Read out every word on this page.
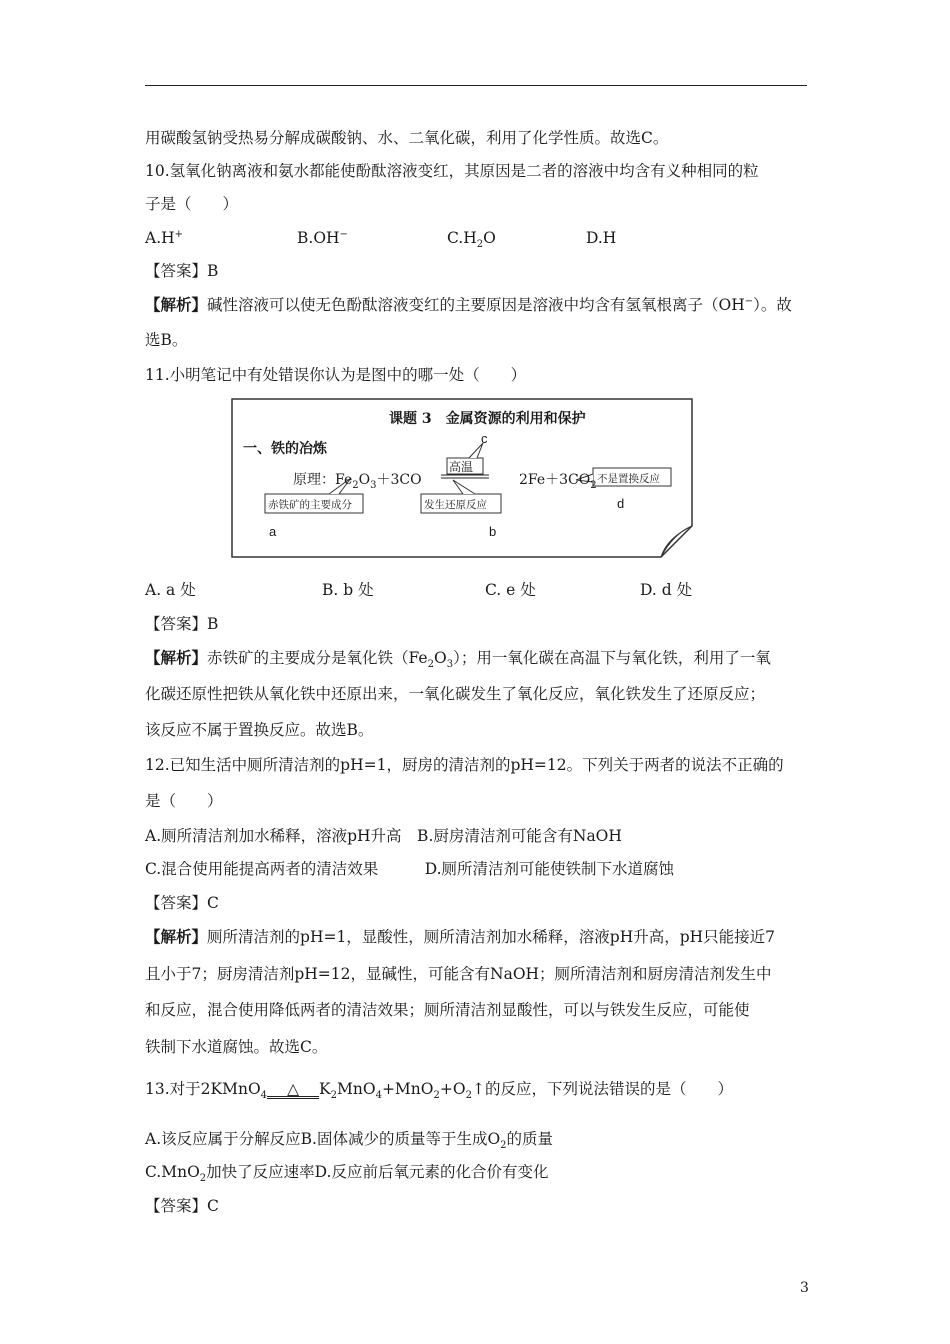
用碳酸氢钠受热易分解成碳酸钠、水、二氧化碳，利用了化学性质。故选C。
10.氢氧化钠离液和氨水都能使酚酞溶液变红，其原因是二者的溶液中均含有义种相同的粒
子是（　　）
A.H+	B.OH−	$C.H_2O$	D.H
【答案】B
【解析】碱性溶液可以使无色酚酞溶液变红的主要原因是溶液中均含有氢氧根离子（OH−）。故
选B。
11.小明笔记中有处错误你认为是图中的哪一处（　　）
课题 3　金属资源的利用和保护
一、铁的冶炼
原理：$Fe_2O_3+3CO$
高温
$2Fe+3CO_2$
赤铁矿的主要成分	发生还原反应
不是置换反应
a	b
c
d
A. a 处	B. b 处	C. e 处	D. d 处
【答案】B
【解析】赤铁矿的主要成分是氧化铁$(Fe_2O_3)$；用一氧化碳在高温下与氧化铁，利用了一氧
化碳还原性把铁从氧化铁中还原出来，一氧化碳发生了氧化反应，氧化铁发生了还原反应；
该反应不属于置换反应。故选B。
12.已知生活中厕所清洁剂的pH=1，厨房的清洁剂的pH=12。下列关于两者的说法不正确的
是（　　）
A.厕所清洁剂加水稀释，溶液pH升高　B.厨房清洁剂可能含有NaOH
C.混合使用能提高两者的清洁效果　　　D.厕所清洁剂可能使铁制下水道腐蚀
【答案】C
【解析】厕所清洁剂的pH=1，显酸性，厕所清洁剂加水稀释，溶液pH升高，pH只能接近7
且小于7；厨房清洁剂pH=12，显碱性，可能含有NaOH；厕所清洁剂和厨房清洁剂发生中
和反应，混合使用降低两者的清洁效果；厕所清洁剂显酸性，可以与铁发生反应，可能使
铁制下水道腐蚀。故选C。
13.对于2KMnO$_4$ △ $K_2MnO_4+MnO_2+O_2↑$的反应，下列说法错误的是（　　）
A.该反应属于分解反应B.固体减少的质量等于生成$O_2$的质量
C.MnO$_2$加快了反应速率D.反应前后氧元素的化合价有变化
【答案】C
3
